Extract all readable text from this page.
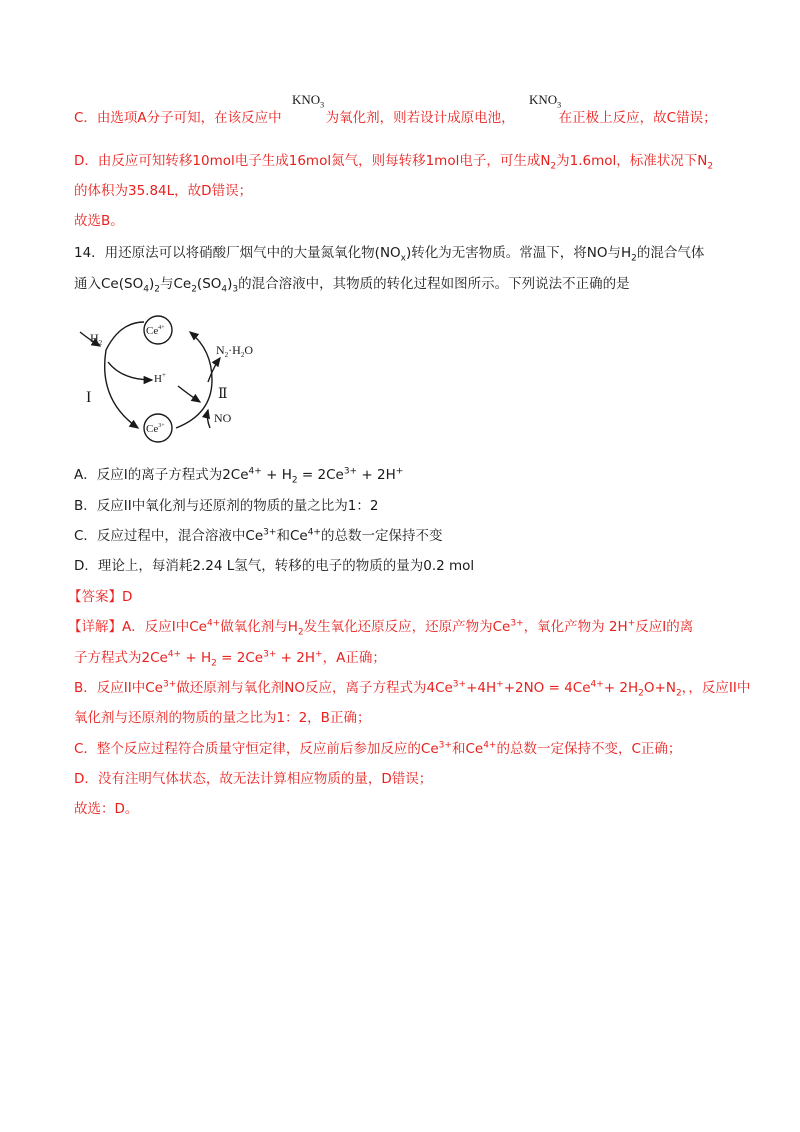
C．由选项A分子可知，在该反应中	为氧化剂，则若设计成原电池，	在正极上反应，故C错误；
$KNO_3$	$KNO_3$
D．由反应可知转移10mol电子生成16mol氮气，则每转移1mol电子，可生成$N_2$为1.6mol，标准状况下$N_2$
的体积为35.84L，故D错误；
故选B。
14．用还原法可以将硝酸厂烟气中的大量氮氧化物$(NO_x)$转化为无害物质。常温下，将NO与$H_2$的混合气体
通入$Ce(SO_4)_2$与$Ce_2(SO_4)_3$的混合溶液中，其物质的转化过程如图所示。下列说法不正确的是
$Ce^{4+}$
$Ce^{3+}$
$H_2$
H+
$N_2\cdot H_2O$
I	Ⅱ
NO
A．反应I的离子方程式为$2Ce^{4+} + H_2 = 2Ce^{3+} + 2H^+$
B．反应II中氧化剂与还原剂的物质的量之比为1：2
C．反应过程中，混合溶液中$Ce^{3+}$和$Ce^{4+}$的总数一定保持不变
D．理论上，每消耗2.24 L氢气，转移的电子的物质的量为0.2 mol
【答案】D
【详解】A．反应I中$Ce^{4+}$做氧化剂与$H_2$发生氧化还原反应，还原产物为$Ce^{3+}$，氧化产物为 2H+反应I的离
子方程式为$2Ce^{4+} + H_2 = 2Ce^{3+} + 2H^+$，A正确；
B．反应II中$Ce^{3+}$做还原剂与氧化剂NO反应，离子方程式为$4Ce^{3+}+4H^++2NO = 4Ce^{4+}+ 2H_2O+N_2$，，反应II中
氧化剂与还原剂的物质的量之比为1：2，B正确；
C．整个反应过程符合质量守恒定律，反应前后参加反应的$Ce^{3+}$和$Ce^{4+}$的总数一定保持不变，C正确；
D．没有注明气体状态，故无法计算相应物质的量，D错误；
故选：D。
